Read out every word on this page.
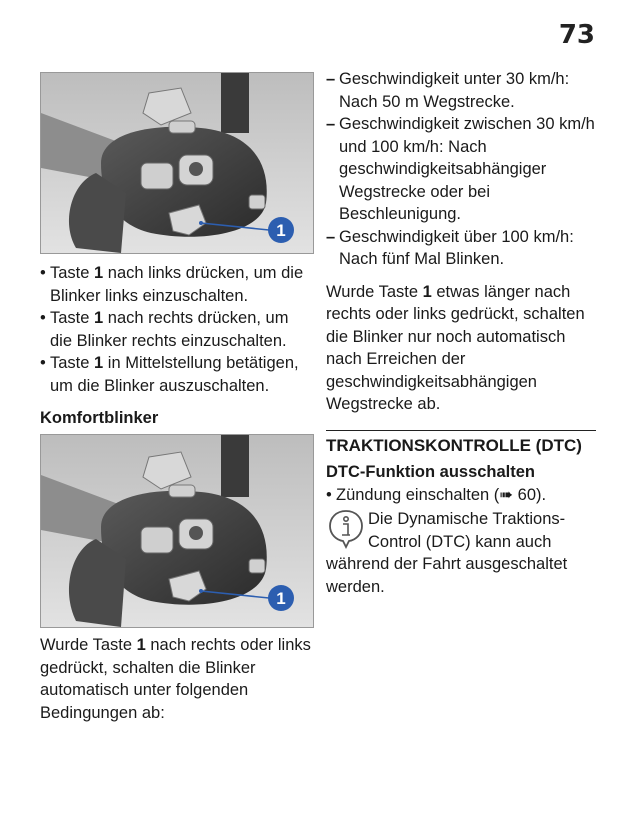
73
1
• Taste 1 nach links drücken, um die Blinker links einzuschalten.
• Taste 1 nach rechts drücken, um die Blinker rechts einzuschalten.
• Taste 1 in Mittelstellung betätigen, um die Blinker auszuschalten.
Komfortblinker
1

Wurde Taste 1 nach rechts oder links gedrückt, schalten die Blinker automatisch unter folgenden Bedingungen ab:

– Geschwindigkeit unter 30 km/h: Nach 50 m Wegstrecke.
– Geschwindigkeit zwischen 30 km/h und 100 km/h: Nach geschwindigkeitsabhängiger Wegstrecke oder bei Beschleunigung.
– Geschwindigkeit über 100 km/h: Nach fünf Mal Blinken.

Wurde Taste 1 etwas länger nach rechts oder links gedrückt, schalten die Blinker nur noch automatisch nach Erreichen der geschwindigkeitsabhängigen Wegstrecke ab.

TRAKTIONSKONTROLLE (DTC)
DTC-Funktion ausschalten
• Zündung einschalten (➠ 60).

Die Dynamische Traktions-Control (DTC) kann auch während der Fahrt ausgeschaltet werden.
